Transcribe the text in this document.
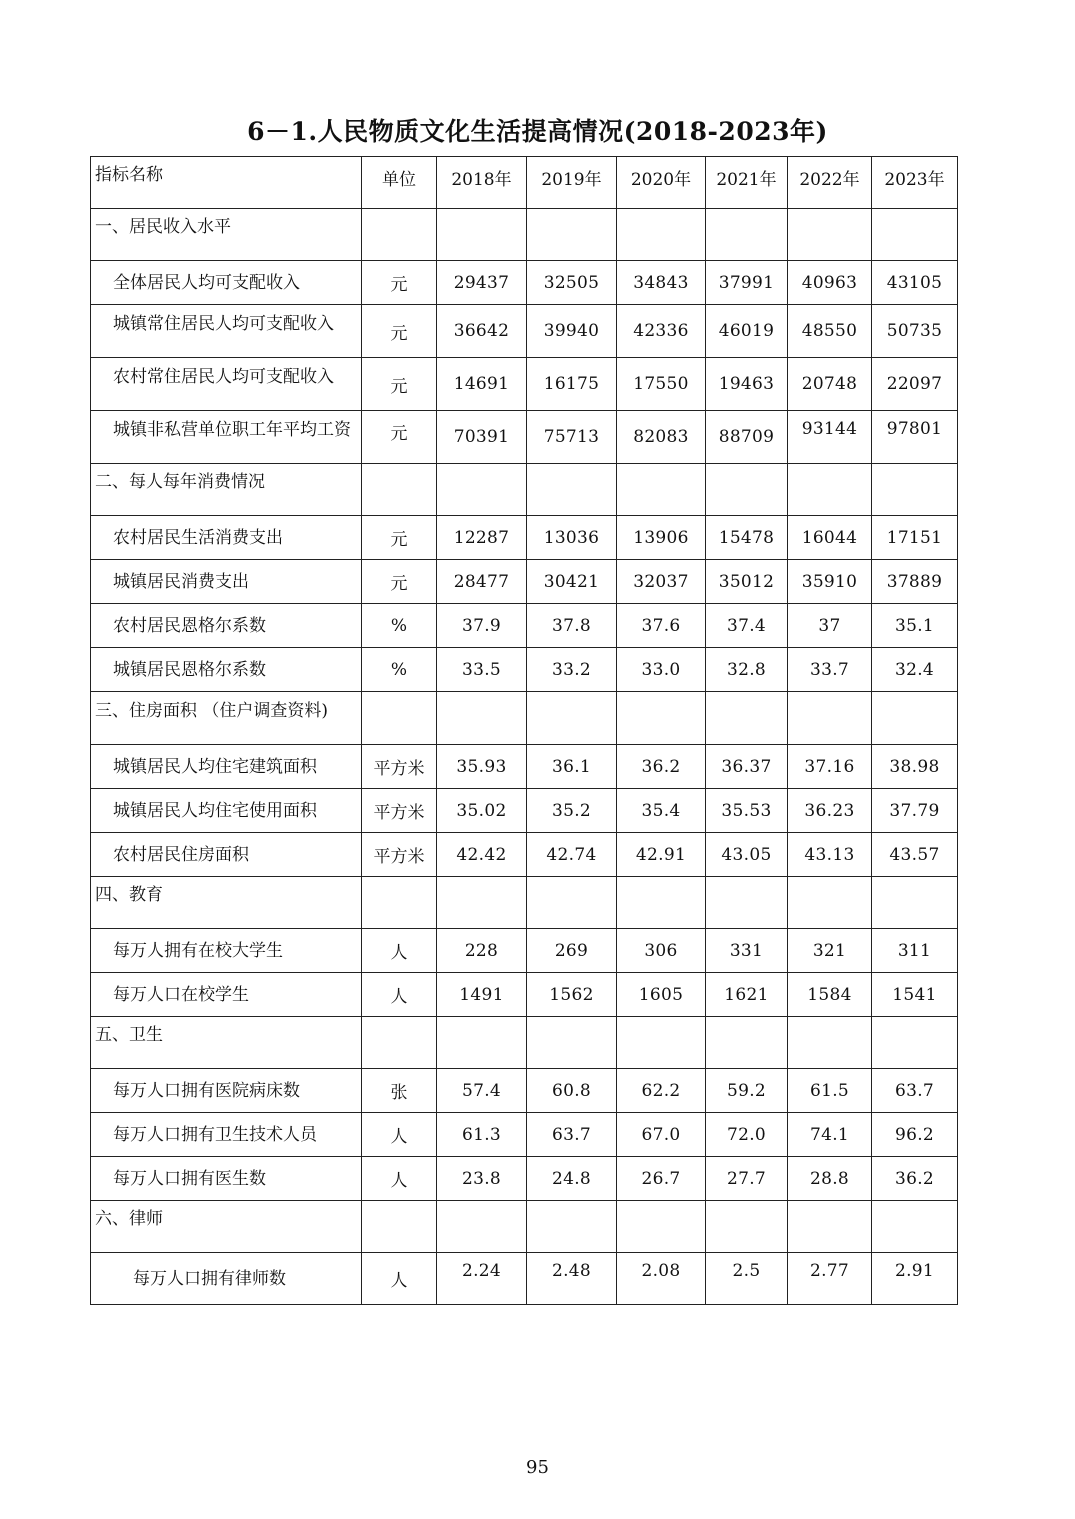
6－1.人民物质文化生活提高情况(2018-2023年)
指标名称	单位	2018年	2019年	2020年	2021年	2022年	2023年
一、居民收入水平							
全体居民人均可支配收入	元	29437	32505	34843	37991	40963	43105
城镇常住居民人均可支配收入	元	36642	39940	42336	46019	48550	50735
农村常住居民人均可支配收入	元	14691	16175	17550	19463	20748	22097
城镇非私营单位职工年平均工资	元	70391	75713	82083	88709	93144	97801
二、每人每年消费情况							
农村居民生活消费支出	元	12287	13036	13906	15478	16044	17151
城镇居民消费支出	元	28477	30421	32037	35012	35910	37889
农村居民恩格尔系数	%	37.9	37.8	37.6	37.4	37	35.1
城镇居民恩格尔系数	%	33.5	33.2	33.0	32.8	33.7	32.4
三、住房面积 （住户调查资料)							
城镇居民人均住宅建筑面积	平方米	35.93	36.1	36.2	36.37	37.16	38.98
城镇居民人均住宅使用面积	平方米	35.02	35.2	35.4	35.53	36.23	37.79
农村居民住房面积	平方米	42.42	42.74	42.91	43.05	43.13	43.57
四、教育							
每万人拥有在校大学生	人	228	269	306	331	321	311
每万人口在校学生	人	1491	1562	1605	1621	1584	1541
五、卫生							
每万人口拥有医院病床数	张	57.4	60.8	62.2	59.2	61.5	63.7
每万人口拥有卫生技术人员	人	61.3	63.7	67.0	72.0	74.1	96.2
每万人口拥有医生数	人	23.8	24.8	26.7	27.7	28.8	36.2
六、律师							
每万人口拥有律师数	人	2.24	2.48	2.08	2.5	2.77	2.91
95
